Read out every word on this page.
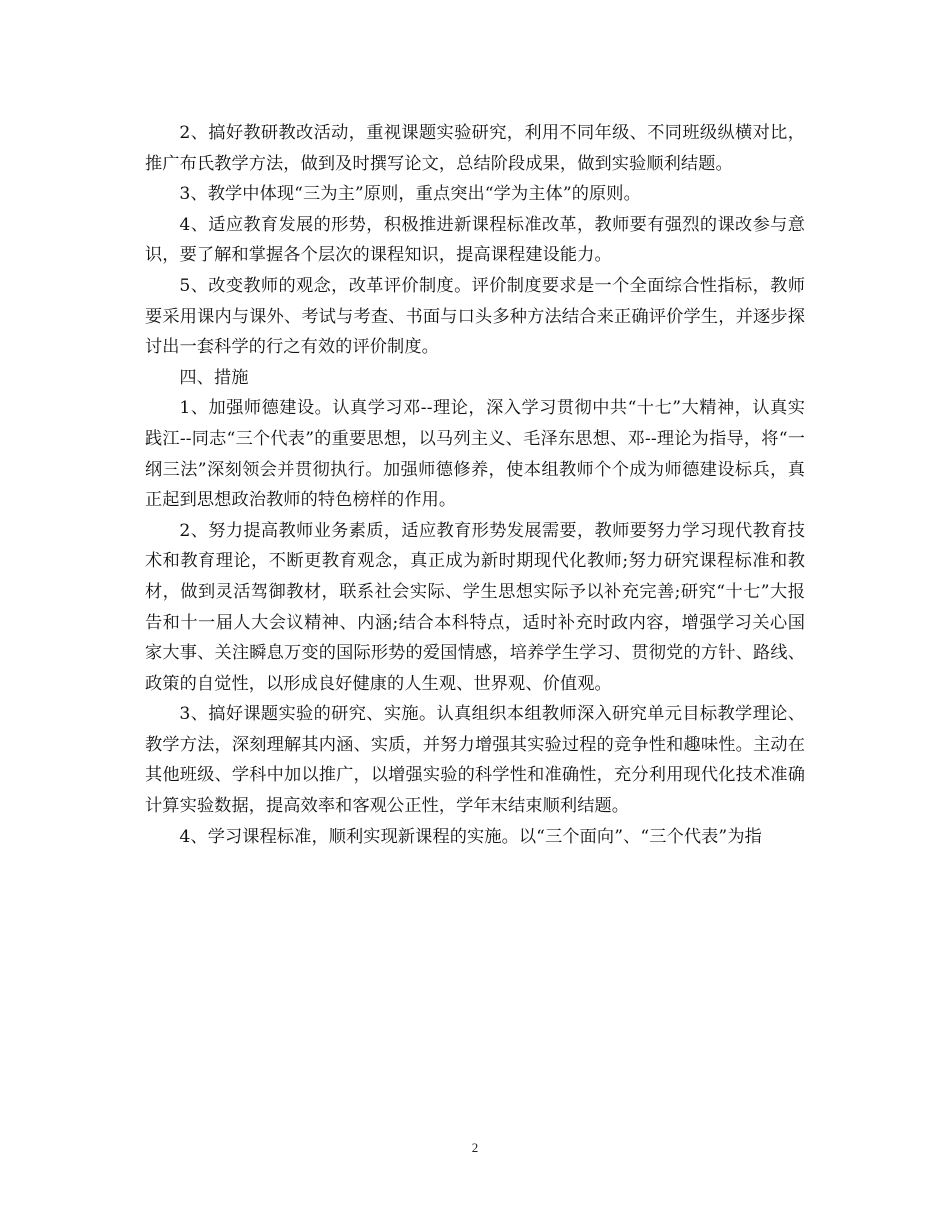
2、搞好教研教改活动，重视课题实验研究，利用不同年级、不同班级纵横对比，推广布氏教学方法，做到及时撰写论文，总结阶段成果，做到实验顺利结题。

3、教学中体现“三为主”原则，重点突出“学为主体”的原则。

4、适应教育发展的形势，积极推进新课程标准改革，教师要有强烈的课改参与意识，要了解和掌握各个层次的课程知识，提高课程建设能力。

5、改变教师的观念，改革评价制度。评价制度要求是一个全面综合性指标，教师要采用课内与课外、考试与考查、书面与口头多种方法结合来正确评价学生，并逐步探讨出一套科学的行之有效的评价制度。

四、措施

1、加强师德建设。认真学习邓--理论，深入学习贯彻中共“十七”大精神，认真实践江--同志“三个代表”的重要思想，以马列主义、毛泽东思想、邓--理论为指导，将“一纲三法”深刻领会并贯彻执行。加强师德修养，使本组教师个个成为师德建设标兵，真正起到思想政治教师的特色榜样的作用。

2、努力提高教师业务素质，适应教育形势发展需要，教师要努力学习现代教育技术和教育理论，不断更教育观念，真正成为新时期现代化教师;努力研究课程标准和教材，做到灵活驾御教材，联系社会实际、学生思想实际予以补充完善;研究“十七”大报告和十一届人大会议精神、内涵;结合本科特点，适时补充时政内容，增强学习关心国家大事、关注瞬息万变的国际形势的爱国情感，培养学生学习、贯彻党的方针、路线、政策的自觉性，以形成良好健康的人生观、世界观、价值观。

3、搞好课题实验的研究、实施。认真组织本组教师深入研究单元目标教学理论、教学方法，深刻理解其内涵、实质，并努力增强其实验过程的竞争性和趣味性。主动在其他班级、学科中加以推广，以增强实验的科学性和准确性，充分利用现代化技术准确计算实验数据，提高效率和客观公正性，学年末结束顺利结题。

4、学习课程标准，顺利实现新课程的实施。以“三个面向”、“三个代表”为指

2
